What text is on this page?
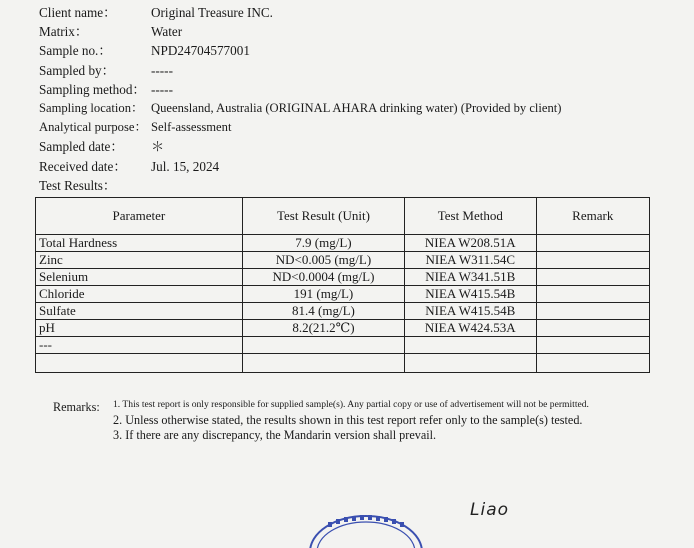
Client name：	Original Treasure INC.
Matrix：	Water
Sample no.：	NPD24704577001
Sampled by：	-----
Sampling method： -----
Sampling location： Queensland, Australia (ORIGINAL AHARA drinking water) (Provided by client)
Analytical purpose： Self-assessment
Sampled date： ＊
Received date： Jul. 15, 2024
Test Results：
Parameter	Test Result (Unit)	Test Method	Remark
Total Hardness	7.9 (mg/L)	NIEA W208.51A	
Zinc	ND<0.005 (mg/L)	NIEA W311.54C	
Selenium	ND<0.0004 (mg/L)	NIEA W341.51B	
Chloride	191 (mg/L)	NIEA W415.54B	
Sulfate	81.4 (mg/L)	NIEA W415.54B	
pH	8.2(21.2℃)	NIEA W424.53A	
---			

Remarks: 1. This test report is only responsible for supplied sample(s). Any partial copy or use of advertisement will not be permitted.
2. Unless otherwise stated, the results shown in this test report refer only to the sample(s) tested.
3. If there are any discrepancy, the Mandarin version shall prevail.
Liao
